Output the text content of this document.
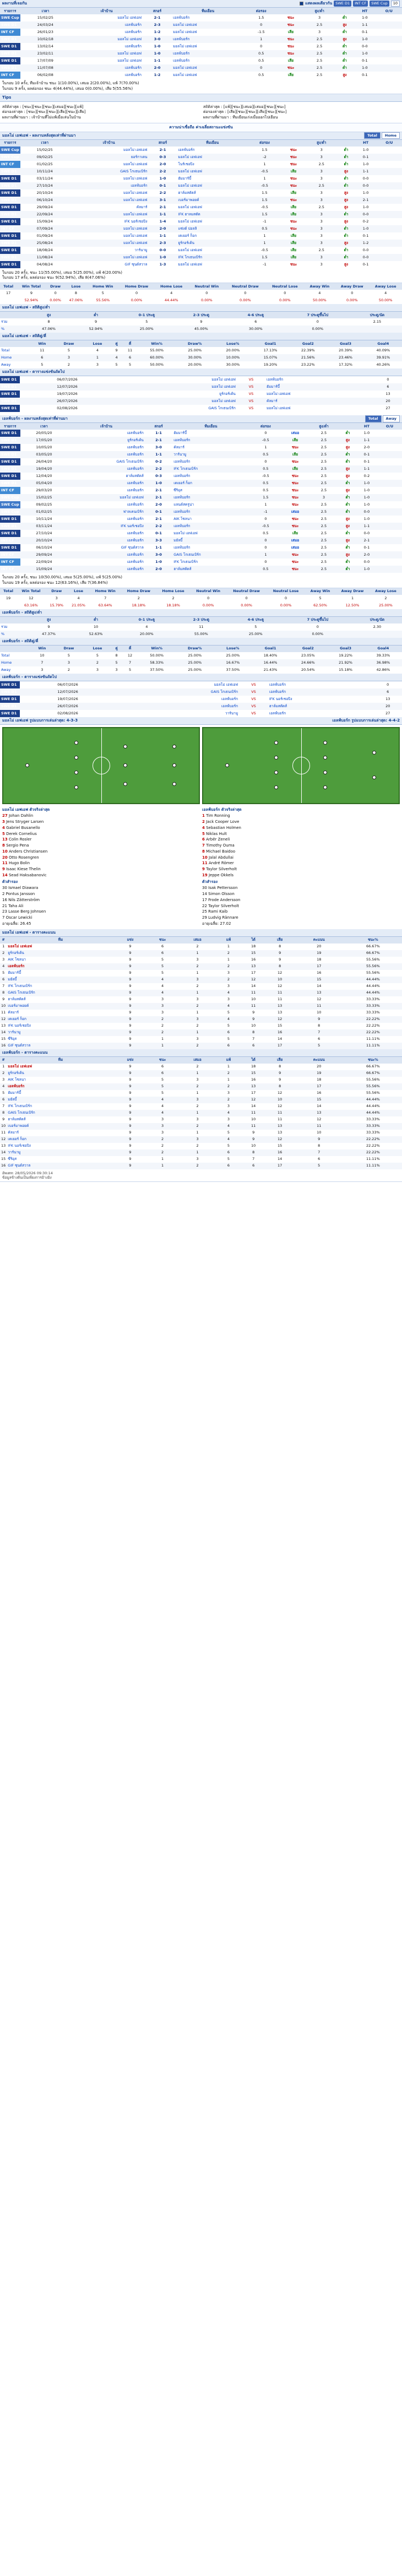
ผลงานที่เจอกัน	แสดงผลเดียวกัน SWE D1	INT CF	SWE Cup	10
รายการ	เวลา	เจ้าบ้าน	สกอร์	ทีมเยือน	ต่อรอง		สูง/ต่ำ		HT	O/U
SWE Cup	15/02/25	มอลโม่ เอฟเอฟ	2-1	เอลฟ์บอร์ก	1.5	ชนะ	3	ต่ำ	1-0	
SWE D1	24/03/24	เอลฟ์บอร์ก	2-3	มอลโม่ เอฟเอฟ	0	ชนะ	2.5	สูง	1-1	
INT CF	26/01/23	เอลฟ์บอร์ก	1-2	มอลโม่ เอฟเอฟ	-1.5	เสีย	3	ต่ำ	0-1	
SWE D1	10/02/18	มอลโม่ เอฟเอฟ	3-0	เอลฟ์บอร์ก	1	ชนะ	2.5	สูง	1-0	
SWE D1	13/02/14	เอลฟ์บอร์ก	1-0	มอลโม่ เอฟเอฟ	0	ชนะ	2.5	ต่ำ	0-0	
SWE D1	23/02/11	มอลโม่ เอฟเอฟ	1-0	เอลฟ์บอร์ก	0.5	ชนะ	2.5	ต่ำ	1-0	
SWE D1	17/07/09	มอลโม่ เอฟเอฟ	1-1	เอลฟ์บอร์ก	0.5	เสีย	2.5	ต่ำ	0-1	
SWE D1	11/07/08	เอลฟ์บอร์ก	2-0	มอลโม่ เอฟเอฟ	0	ชนะ	2.5	ต่ำ	1-0	
INT CF	06/02/08	เอลฟ์บอร์ก	1-2	มอลโม่ เอฟเอฟ	0.5	เสีย	2.5	สูง	0-1	
ในรอบ 10 ครั้ง, ทีมเจ้าบ้าน ชนะ 1(10.00%), เสมอ 2(20.00%), แพ้ 7(70.00%)
ในรอบ 9 ครั้ง, ผลต่อรอง ชนะ 4(44.44%), เสมอ 0(0.00%), เสีย 5(55.56%)
Tips
สถิติล่าสุด : [ชนะ][ชนะ][ชนะ][เสมอ][ชนะ][แพ้]
ต่อรองล่าสุด : [ชนะ][ชนะ][ชนะ][เสีย][ชนะ][เสีย]
ผลงานที่ผ่านมา : เจ้าบ้านที่ไม่แพ้เมื่อเล่นในบ้าน
สถิติล่าสุด : [แพ้][ชนะ][เสมอ][เสมอ][ชนะ][ชนะ]
ต่อรองล่าสุด : [เสีย][ชนะ][ชนะ][เสีย][ชนะ][ชนะ]
ผลงานที่ผ่านมา : ทีมเยือนเก่งเมื่อออกไปเยือน
ความน่าเชื่อถือ ค่าเฉลี่ยสถานะแข่งขัน
มอลโม่ เอฟเอฟ - ผลงานหลังสุดเท่าที่ผ่านมา	Total	Home
รายการ	เวลา	เจ้าบ้าน	สกอร์	ทีมเยือน	ต่อรอง		สูง/ต่ำ		HT	O/U
SWE Cup	15/02/25	มอลโม่ เอฟเอฟ	2-1	เอลฟ์บอร์ก	1.5	ชนะ	3	ต่ำ	1-0	
SWE Cup	09/02/25	ยอร์กาเดน	0-3	มอลโม่ เอฟเอฟ	-2	ชนะ	3	ต่ำ	0-1	
INT CF	01/02/25	มอลโม่ เอฟเอฟ	2-0	โนร์เชอปิง	1	ชนะ	2.5	ต่ำ	1-0	
SWE D1	10/11/24	GAIS โกเธนเบิร์ก	2-2	มอลโม่ เอฟเอฟ	-0.5	เสีย	3	สูง	1-1	
SWE D1	03/11/24	มอลโม่ เอฟเอฟ	1-0	ฮัมมาร์บี้	1	ชนะ	3	ต่ำ	0-0	
SWE D1	27/10/24	เอลฟ์บอร์ก	0-1	มอลโม่ เอฟเอฟ	-0.5	ชนะ	2.5	ต่ำ	0-0	
SWE D1	20/10/24	มอลโม่ เอฟเอฟ	2-2	ฮาล์มสตัดส์	1.5	เสีย	3	สูง	1-0	
SWE D1	06/10/24	มอลโม่ เอฟเอฟ	3-1	เบอร์มาพอยค์	1.5	ชนะ	3	สูง	2-1	
SWE D1	29/09/24	คัลมาร์	2-1	มอลโม่ เอฟเอฟ	-0.5	เสีย	2.5	สูง	1-0	
SWE D1	22/09/24	มอลโม่ เอฟเอฟ	1-1	IFK ฮาลมสตัด	1.5	เสีย	3	ต่ำ	0-0	
SWE D1	15/09/24	IFK นอร์เชอปิง	1-4	มอลโม่ เอฟเอฟ	-1	ชนะ	3	สูง	0-2	
INT CF	07/09/24	มอลโม่ เอฟเอฟ	2-0	แซ่งต์ ปอลลิ	0.5	ชนะ	3	ต่ำ	1-0	
SWE D1	01/09/24	มอลโม่ เอฟเอฟ	1-1	เดเยอร์ ก็อก	1	เสีย	3	ต่ำ	0-1	
SWE D1	25/08/24	มอลโม่ เอฟเอฟ	2-3	ยูร์กอร์เด้น	1	เสีย	3	สูง	1-2	
SWE D1	18/08/24	วาร์นามู	0-0	มอลโม่ เอฟเอฟ	-0.5	เสีย	2.5	ต่ำ	0-0	
SWE D1	11/08/24	มอลโม่ เอฟเอฟ	1-0	IFK โกเธนเบิร์ก	1.5	เสีย	3	ต่ำ	0-0	
SWE D1	04/08/24	GIF ซุนด์สวาล	1-3	มอลโม่ เอฟเอฟ	-1	ชนะ	3	สูง	0-1	
ในรอบ 20 ครั้ง, ชนะ 11(55.00%), เสมอ 5(25.00%), แพ้ 4(20.00%)
ในรอบ 17 ครั้ง, ผลต่อรอง ชนะ 9(52.94%), เสีย 8(47.06%)
Total	Win Total	Draw	Lose	Home Win	Home Draw	Home Lose	Neutral Win	Neutral Draw	Neutral Lose	Away Win	Away Draw	Away Lose
17	9	0	8	5	0	4	0	0	0	4	0	4
	52.94%	0.00%	47.06%	55.56%	0.00%	44.44%	0.00%	0.00%	0.00%	50.00%	0.00%	50.00%
มอลโม่ เอฟเอฟ - สถิติสูง/ต่ำ
	สูง	ต่ำ	0-1 ประตู	2-3 ประตู	4-6 ประตู	7 ประตูขึ้นไป	ประตู/นัด
รวม	8	9	5	9	6	0	2.15
%	47.06%	52.94%	25.00%	45.00%	30.00%	0.00%	
มอลโม่ เอฟเอฟ - สถิติคู่/คี่
	Win	Draw	Lose	คู่	คี่	Win%	Draw%	Lose%	Goal1	Goal2	Goal3	Goal4
Total	11	5	4	9	11	55.00%	25.00%	20.00%	17.13%	22.39%	20.39%	40.09%
Home	6	3	1	4	6	60.00%	30.00%	10.00%	15.07%	21.56%	23.46%	39.91%
Away	5	2	3	5	5	50.00%	20.00%	30.00%	19.20%	23.22%	17.32%	40.26%
มอลโม่ เอฟเอฟ - ตารางแข่งขันถัดไป
SWE D1	06/07/2026	มอลโม่ เอฟเอฟ	VS	เอลฟ์บอร์ก	0
SWE D1	12/07/2026	มอลโม่ เอฟเอฟ	VS	ฮัมมาร์บี้	6
SWE D1	19/07/2026	ยูร์กอร์เด้น	VS	มอลโม่ เอฟเอฟ	13
SWE D1	26/07/2026	มอลโม่ เอฟเอฟ	VS	คัลมาร์	20
SWE D1	02/08/2026	GAIS โกเธนเบิร์ก	VS	มอลโม่ เอฟเอฟ	27
เอลฟ์บอร์ก - ผลงานหลังสุดเท่าที่ผ่านมา	Total	Away
รายการ	เวลา	เจ้าบ้าน	สกอร์	ทีมเยือน	ต่อรอง		สูง/ต่ำ		HT	O/U
SWE D1	20/05/20	เอลฟ์บอร์ก	1-1	ฮัมมาร์บี้	0	เสมอ	2.5	ต่ำ	1-0	
SWE D1	17/05/20	ยูร์กอร์เด้น	2-1	เอลฟ์บอร์ก	-0.5	เสีย	2.5	สูง	1-1	
SWE D1	10/05/20	เอลฟ์บอร์ก	3-0	คัลมาร์	1	ชนะ	2.5	สูง	2-0	
SWE D1	03/05/20	เอลฟ์บอร์ก	1-1	วาร์นามู	0.5	เสีย	2.5	ต่ำ	0-1	
SWE D1	26/04/20	GAIS โกเธนเบิร์ก	0-2	เอลฟ์บอร์ก	0	ชนะ	2.5	ต่ำ	0-1	
SWE D1	19/04/20	เอลฟ์บอร์ก	2-2	IFK โกเธนเบิร์ก	0.5	เสีย	2.5	สูง	1-1	
SWE D1	12/04/20	ฮาล์มสตัดส์	0-3	เอลฟ์บอร์ก	-0.5	ชนะ	2.5	สูง	0-2	
SWE D1	05/04/20	เอลฟ์บอร์ก	1-0	เดเยอร์ ก็อก	0.5	ชนะ	2.5	ต่ำ	1-0	
INT CF	29/03/20	เอลฟ์บอร์ก	2-1	ซีริอุส	0.5	ชนะ	2.5	สูง	1-0	
SWE Cup	15/02/25	มอลโม่ เอฟเอฟ	2-1	เอลฟ์บอร์ก	1.5	ชนะ	3	ต่ำ	1-0	
SWE Cup	09/02/25	เอลฟ์บอร์ก	2-0	แลนด์สครูน่า	1	ชนะ	2.5	ต่ำ	1-0	
SWE Cup	01/02/25	ฟาลเคนเบิร์ก	0-1	เอลฟ์บอร์ก	-1	เสมอ	2.5	ต่ำ	0-0	
SWE D1	10/11/24	เอลฟ์บอร์ก	2-1	AIK โซลนา	0	ชนะ	2.5	สูง	1-0	
SWE D1	03/11/24	IFK นอร์เชอปิง	2-2	เอลฟ์บอร์ก	-0.5	ชนะ	2.5	สูง	1-1	
SWE D1	27/10/24	เอลฟ์บอร์ก	0-1	มอลโม่ เอฟเอฟ	0.5	เสีย	2.5	ต่ำ	0-0	
INT CF	20/10/24	เอลฟ์บอร์ก	3-3	มยัลบี้	0	เสมอ	2.5	สูง	2-1	
SWE D1	06/10/24	GIF ซุนด์สวาล	1-1	เอลฟ์บอร์ก	0	เสมอ	2.5	ต่ำ	0-1	
INT CF	29/09/24	เอลฟ์บอร์ก	3-0	GAIS โกเธนเบิร์ก	1	ชนะ	2.5	สูง	2-0	
INT CF	22/09/24	เอลฟ์บอร์ก	1-0	IFK โกเธนเบิร์ก	0	ชนะ	2.5	ต่ำ	0-0	
INT CF	15/09/24	เอลฟ์บอร์ก	2-0	ฮาล์มสตัดส์	0.5	ชนะ	2.5	ต่ำ	1-0	
ในรอบ 20 ครั้ง, ชนะ 10(50.00%), เสมอ 5(25.00%), แพ้ 5(25.00%)
ในรอบ 19 ครั้ง, ผลต่อรอง ชนะ 12(63.16%), เสีย 7(36.84%)
Total	Win Total	Draw	Lose	Home Win	Home Draw	Home Lose	Neutral Win	Neutral Draw	Neutral Lose	Away Win	Away Draw	Away Lose
19	12	3	4	7	2	2	0	0	0	5	1	2
	63.16%	15.79%	21.05%	63.64%	18.18%	18.18%	0.00%	0.00%	0.00%	62.50%	12.50%	25.00%
เอลฟ์บอร์ก - สถิติสูง/ต่ำ
	สูง	ต่ำ	0-1 ประตู	2-3 ประตู	4-6 ประตู	7 ประตูขึ้นไป	ประตู/นัด
รวม	9	10	4	11	5	0	2.30
%	47.37%	52.63%	20.00%	55.00%	25.00%	0.00%	
เอลฟ์บอร์ก - สถิติคู่/คี่
	Win	Draw	Lose	คู่	คี่	Win%	Draw%	Lose%	Goal1	Goal2	Goal3	Goal4
Total	10	5	5	8	12	50.00%	25.00%	25.00%	18.40%	23.05%	19.22%	39.33%
Home	7	3	2	5	7	58.33%	25.00%	16.67%	16.44%	24.66%	21.92%	36.98%
Away	3	2	3	3	5	37.50%	25.00%	37.50%	21.43%	20.54%	15.18%	42.86%
เอลฟ์บอร์ก - ตารางแข่งขันถัดไป
SWE D1	06/07/2026	มอลโม่ เอฟเอฟ	VS	เอลฟ์บอร์ก	0
SWE D1	12/07/2026	GAIS โกเธนเบิร์ก	VS	เอลฟ์บอร์ก	6
SWE D1	19/07/2026	เอลฟ์บอร์ก	VS	IFK นอร์เชอปิง	13
SWE D1	26/07/2026	เอลฟ์บอร์ก	VS	ฮาล์มสตัดส์	20
SWE D1	02/08/2026	วาร์นามู	VS	เอลฟ์บอร์ก	27
มอลโม่ เอฟเอฟ รูปแบบการเล่นล่าสุด: 4-3-3	เอลฟ์บอร์ก รูปแบบการเล่นล่าสุด: 4-4-2
มอลโม่ เอฟเอฟ ตัวจริงล่าสุด
27 Johan Dahlin
3 Jens Stryger Larsen
4 Gabriel Busanello
5 Derek Cornelius
13 Colin Rosler
8 Sergio Pena
10 Anders Christiansen
20 Otto Rosengren
11 Hugo Bolin
9 Isaac Kiese Thelin
14 Sead Haksabanovic
ตัวสำรอง
30 Ismael Diawara
2 Pontus Jansson
16 Nils Zätterström
21 Taha Ali
23 Lasse Berg Johnsen
7 Oscar Lewicki
อายุเฉลี่ย: 26.45
เอลฟ์บอร์ก ตัวจริงล่าสุด
1 Tim Ronning
2 Jack Cooper Love
4 Sebastian Holmen
5 Niklas Hult
6 Arbër Zeneli
7 Timothy Ouma
8 Michael Baidoo
10 Jalal Abdullai
11 André Römer
9 Taylor Silverholt
19 Jeppe Okkels
ตัวสำรอง
30 Isak Pettersson
14 Simon Olsson
17 Frode Andersson
22 Taylor Silverholt
25 Rami Kaib
29 Ludvig Rännare
อายุเฉลี่ย: 27.02
มอลโม่ เอฟเอฟ - ตารางคะแนน
#	ทีม	แข่ง	ชนะ	เสมอ	แพ้	ได้	เสีย	คะแนน	ชนะ%
1	มอลโม่ เอฟเอฟ	9	6	2	1	18	8	20	66.67%
2	ยูร์กอร์เด้น	9	6	1	2	15	9	19	66.67%
3	AIK โซลนา	9	5	3	1	16	9	18	55.56%
4	เอลฟ์บอร์ก	9	5	2	2	13	8	17	55.56%
5	ฮัมมาร์บี้	9	5	1	3	17	12	16	55.56%
6	มยัลบี้	9	4	3	2	12	10	15	44.44%
7	IFK โกเธนเบิร์ก	9	4	2	3	14	12	14	44.44%
8	GAIS โกเธนเบิร์ก	9	4	1	4	11	11	13	44.44%
9	ฮาล์มสตัดส์	9	3	3	3	10	11	12	33.33%
10	เบอร์มาพอยค์	9	3	2	4	11	13	11	33.33%
11	คัลมาร์	9	3	1	5	9	13	10	33.33%
12	เดเยอร์ ก็อก	9	2	3	4	9	12	9	22.22%
13	IFK นอร์เชอปิง	9	2	2	5	10	15	8	22.22%
14	วาร์นามู	9	2	1	6	8	16	7	22.22%
15	ซีริอุส	9	1	3	5	7	14	6	11.11%
16	GIF ซุนด์สวาล	9	1	2	6	6	17	5	11.11%
เอลฟ์บอร์ก - ตารางคะแนน
#	ทีม	แข่ง	ชนะ	เสมอ	แพ้	ได้	เสีย	คะแนน	ชนะ%
1	มอลโม่ เอฟเอฟ	9	6	2	1	18	8	20	66.67%
2	ยูร์กอร์เด้น	9	6	1	2	15	9	19	66.67%
3	AIK โซลนา	9	5	3	1	16	9	18	55.56%
4	เอลฟ์บอร์ก	9	5	2	2	13	8	17	55.56%
5	ฮัมมาร์บี้	9	5	1	3	17	12	16	55.56%
6	มยัลบี้	9	4	3	2	12	10	15	44.44%
7	IFK โกเธนเบิร์ก	9	4	2	3	14	12	14	44.44%
8	GAIS โกเธนเบิร์ก	9	4	1	4	11	11	13	44.44%
9	ฮาล์มสตัดส์	9	3	3	3	10	11	12	33.33%
10	เบอร์มาพอยค์	9	3	2	4	11	13	11	33.33%
11	คัลมาร์	9	3	1	5	9	13	10	33.33%
12	เดเยอร์ ก็อก	9	2	3	4	9	12	9	22.22%
13	IFK นอร์เชอปิง	9	2	2	5	10	15	8	22.22%
14	วาร์นามู	9	2	1	6	8	16	7	22.22%
15	ซีริอุส	9	1	3	5	7	14	6	11.11%
16	GIF ซุนด์สวาล	9	1	2	6	6	17	5	11.11%
อัพเดท: 28/05/2026 09:30:14
ข้อมูลข้างต้นเป็นเพียงการอ้างอิง
